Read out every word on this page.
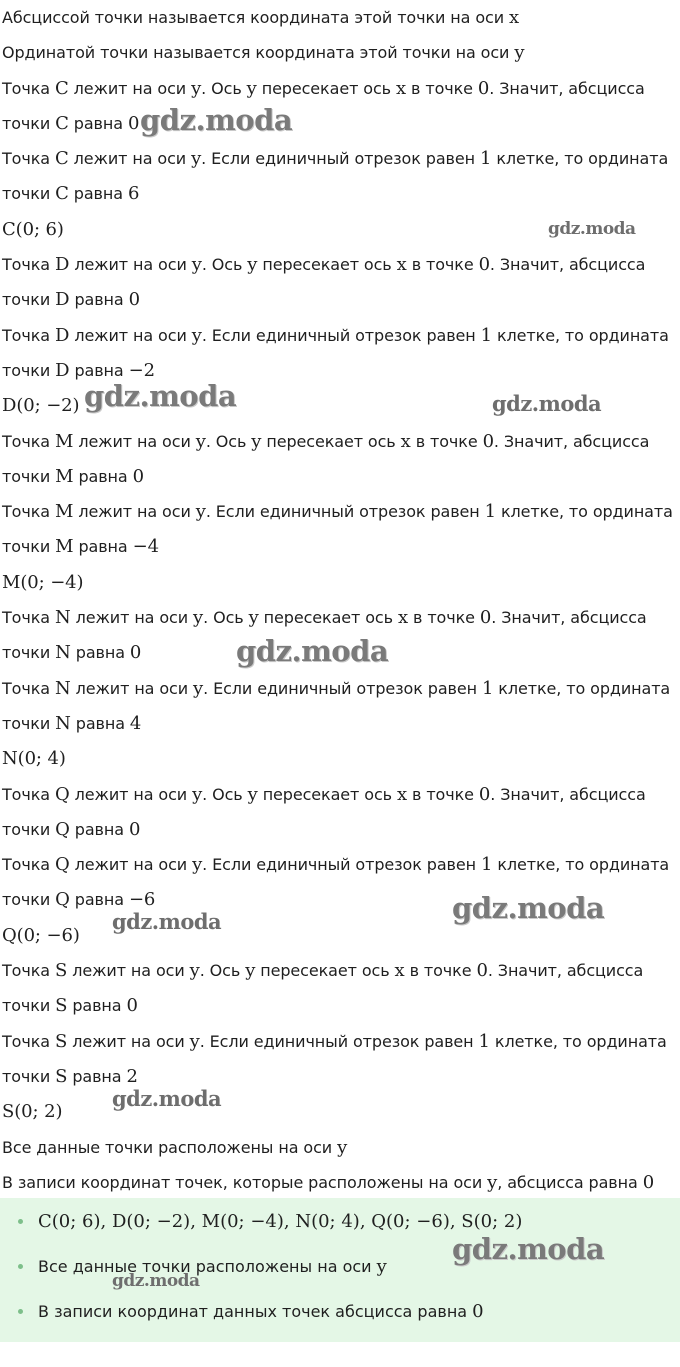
Абсциссой точки называется координата этой точки на оси x
Ординатой точки называется координата этой точки на оси y
Точка C лежит на оси y. Ось y пересекает ось x в точке 0. Значит, абсцисса
точки C равна 0
Точка C лежит на оси y. Если единичный отрезок равен 1 клетке, то ордината
точки C равна 6
C(0; 6)
Точка D лежит на оси y. Ось y пересекает ось x в точке 0. Значит, абсцисса
точки D равна 0
Точка D лежит на оси y. Если единичный отрезок равен 1 клетке, то ордината
точки D равна −2
D(0; −2)
Точка M лежит на оси y. Ось y пересекает ось x в точке 0. Значит, абсцисса
точки M равна 0
Точка M лежит на оси y. Если единичный отрезок равен 1 клетке, то ордината
точки M равна −4
M(0; −4)
Точка N лежит на оси y. Ось y пересекает ось x в точке 0. Значит, абсцисса
точки N равна 0
Точка N лежит на оси y. Если единичный отрезок равен 1 клетке, то ордината
точки N равна 4
N(0; 4)
Точка Q лежит на оси y. Ось y пересекает ось x в точке 0. Значит, абсцисса
точки Q равна 0
Точка Q лежит на оси y. Если единичный отрезок равен 1 клетке, то ордината
точки Q равна −6
Q(0; −6)
Точка S лежит на оси y. Ось y пересекает ось x в точке 0. Значит, абсцисса
точки S равна 0
Точка S лежит на оси y. Если единичный отрезок равен 1 клетке, то ордината
точки S равна 2
S(0; 2)
Все данные точки расположены на оси y
В записи координат точек, которые расположены на оси y, абсцисса равна 0
C(0; 6), D(0; −2), M(0; −4), N(0; 4), Q(0; −6), S(0; 2)
Все данные точки расположены на оси y
В записи координат данных точек абсцисса равна 0
gdz.moda
gdz.moda
gdz.moda	gdz.moda
gdz.moda
gdz.moda	gdz.moda
gdz.moda
gdz.moda
gdz.moda
